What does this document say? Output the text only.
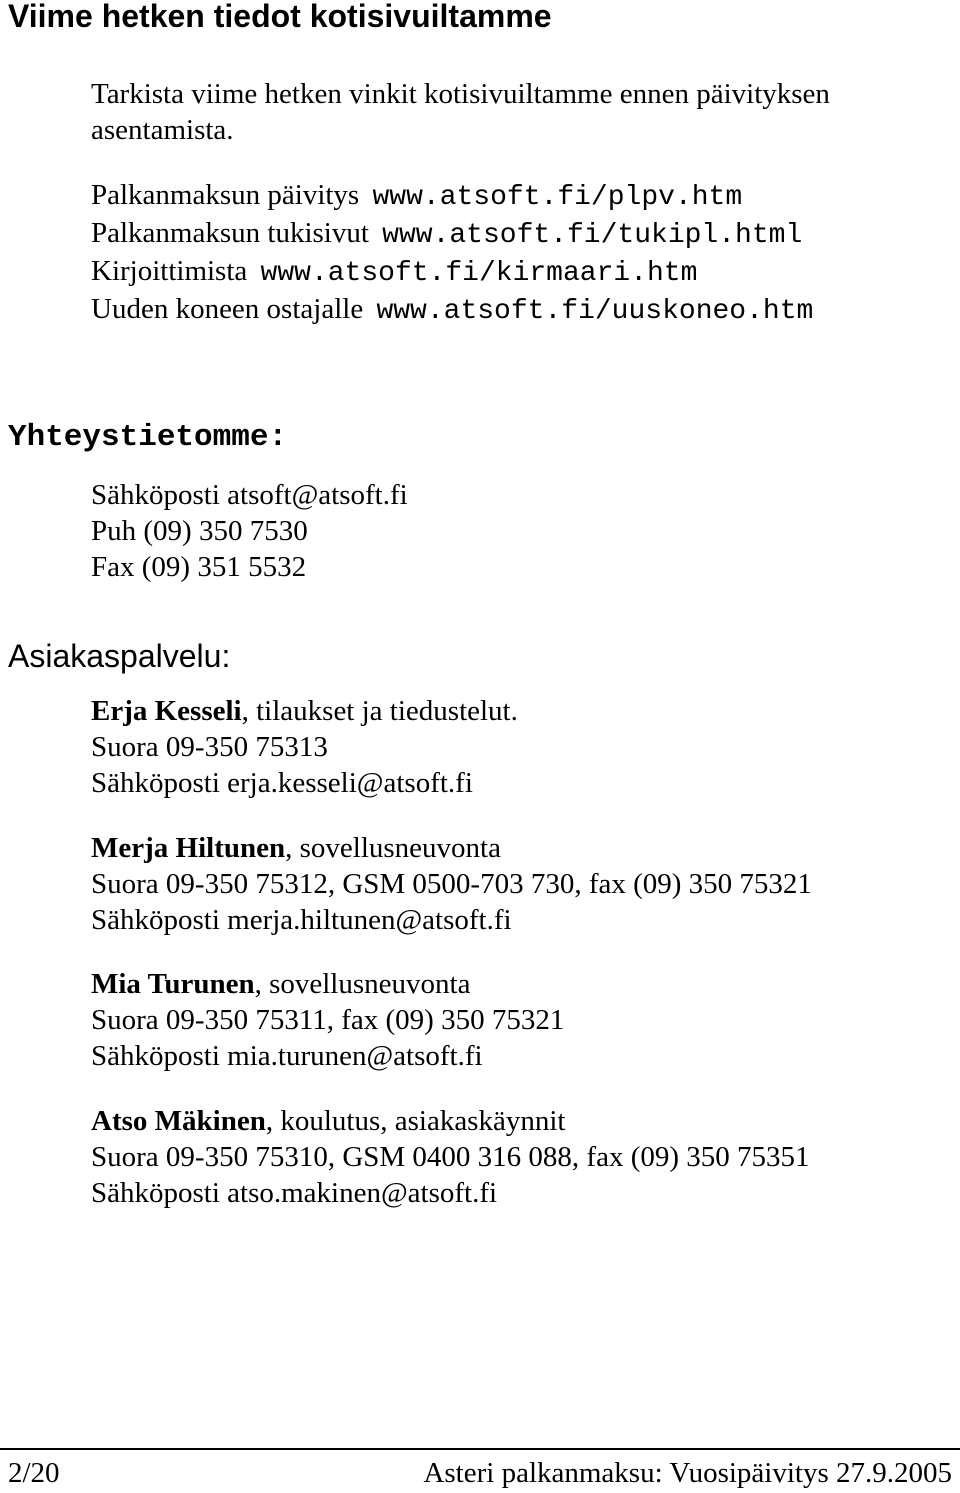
Viime hetken tiedot kotisivuiltamme

Tarkista viime hetken vinkit kotisivuiltamme ennen päivityksen asentamista.

Palkanmaksun päivitys www.atsoft.fi/plpv.htm
Palkanmaksun tukisivut www.atsoft.fi/tukipl.html
Kirjoittimista www.atsoft.fi/kirmaari.htm
Uuden koneen ostajalle www.atsoft.fi/uuskoneo.htm
Yhteystietomme:
Sähköposti atsoft@atsoft.fi
Puh (09) 350 7530
Fax (09) 351 5532
Asiakaspalvelu:
Erja Kesseli, tilaukset ja tiedustelut.
Suora 09-350 75313
Sähköposti erja.kesseli@atsoft.fi
Merja Hiltunen, sovellusneuvonta
Suora 09-350 75312, GSM 0500-703 730, fax (09) 350 75321
Sähköposti merja.hiltunen@atsoft.fi
Mia Turunen, sovellusneuvonta
Suora 09-350 75311, fax (09) 350 75321
Sähköposti mia.turunen@atsoft.fi
Atso Mäkinen, koulutus, asiakaskäynnit
Suora 09-350 75310, GSM 0400 316 088, fax (09) 350 75351
Sähköposti atso.makinen@atsoft.fi
2/20	Asteri palkanmaksu: Vuosipäivitys 27.9.2005
